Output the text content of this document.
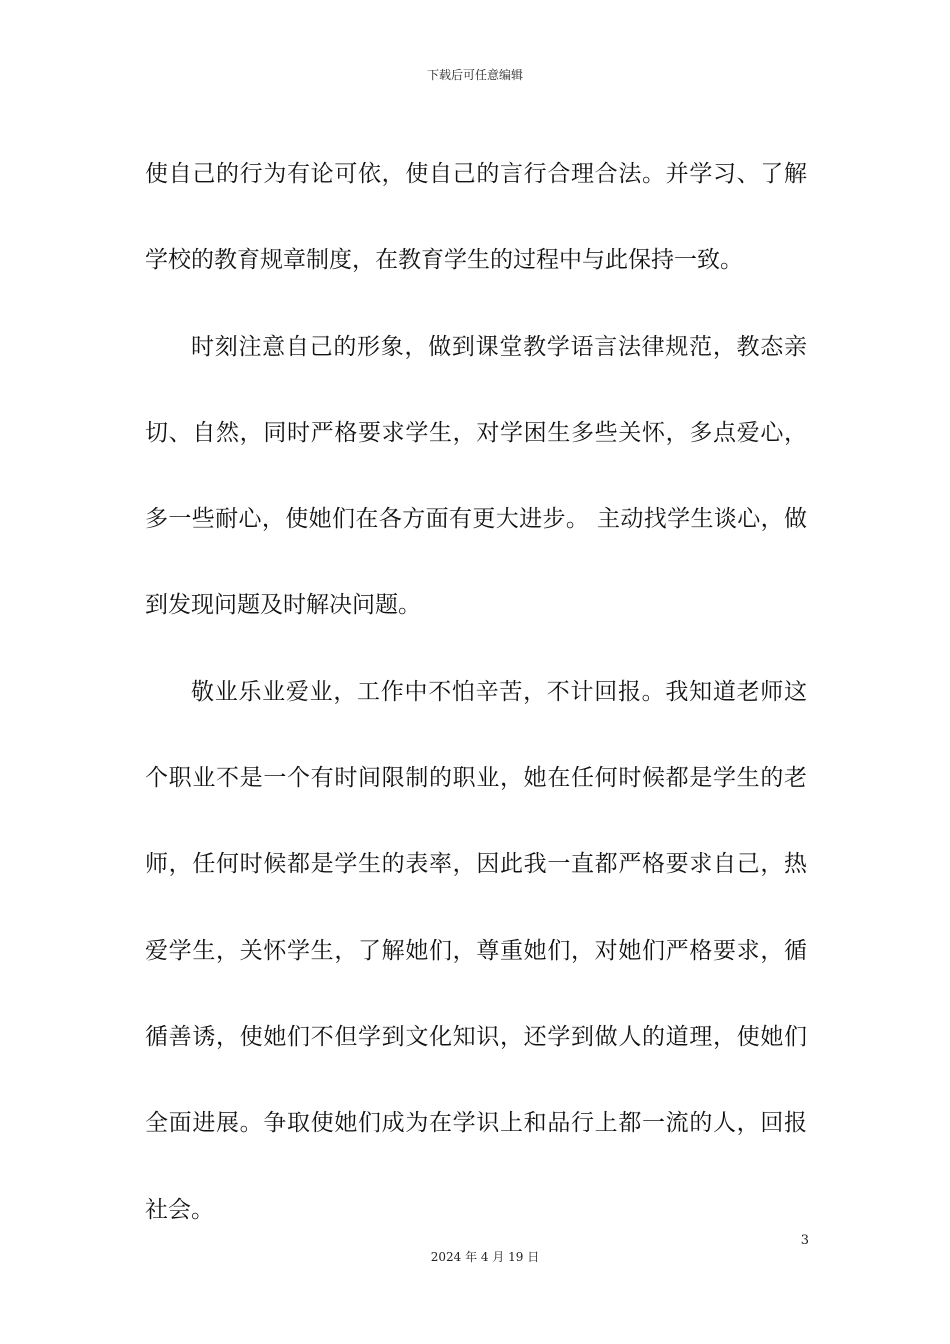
下载后可任意编辑

使自己的行为有论可依，使自己的言行合理合法。并学习、了解学校的教育规章制度，在教育学生的过程中与此保持一致。

时刻注意自己的形象，做到课堂教学语言法律规范，教态亲切、自然，同时严格要求学生，对学困生多些关怀，多点爱心，多一些耐心，使她们在各方面有更大进步。 主动找学生谈心，做到发现问题及时解决问题。

敬业乐业爱业，工作中不怕辛苦，不计回报。我知道老师这个职业不是一个有时间限制的职业，她在任何时候都是学生的老师，任何时候都是学生的表率，因此我一直都严格要求自己，热爱学生，关怀学生，了解她们，尊重她们，对她们严格要求，循循善诱，使她们不但学到文化知识，还学到做人的道理，使她们全面进展。争取使她们成为在学识上和品行上都一流的人，回报社会。

3
2024 年 4 月 19 日
